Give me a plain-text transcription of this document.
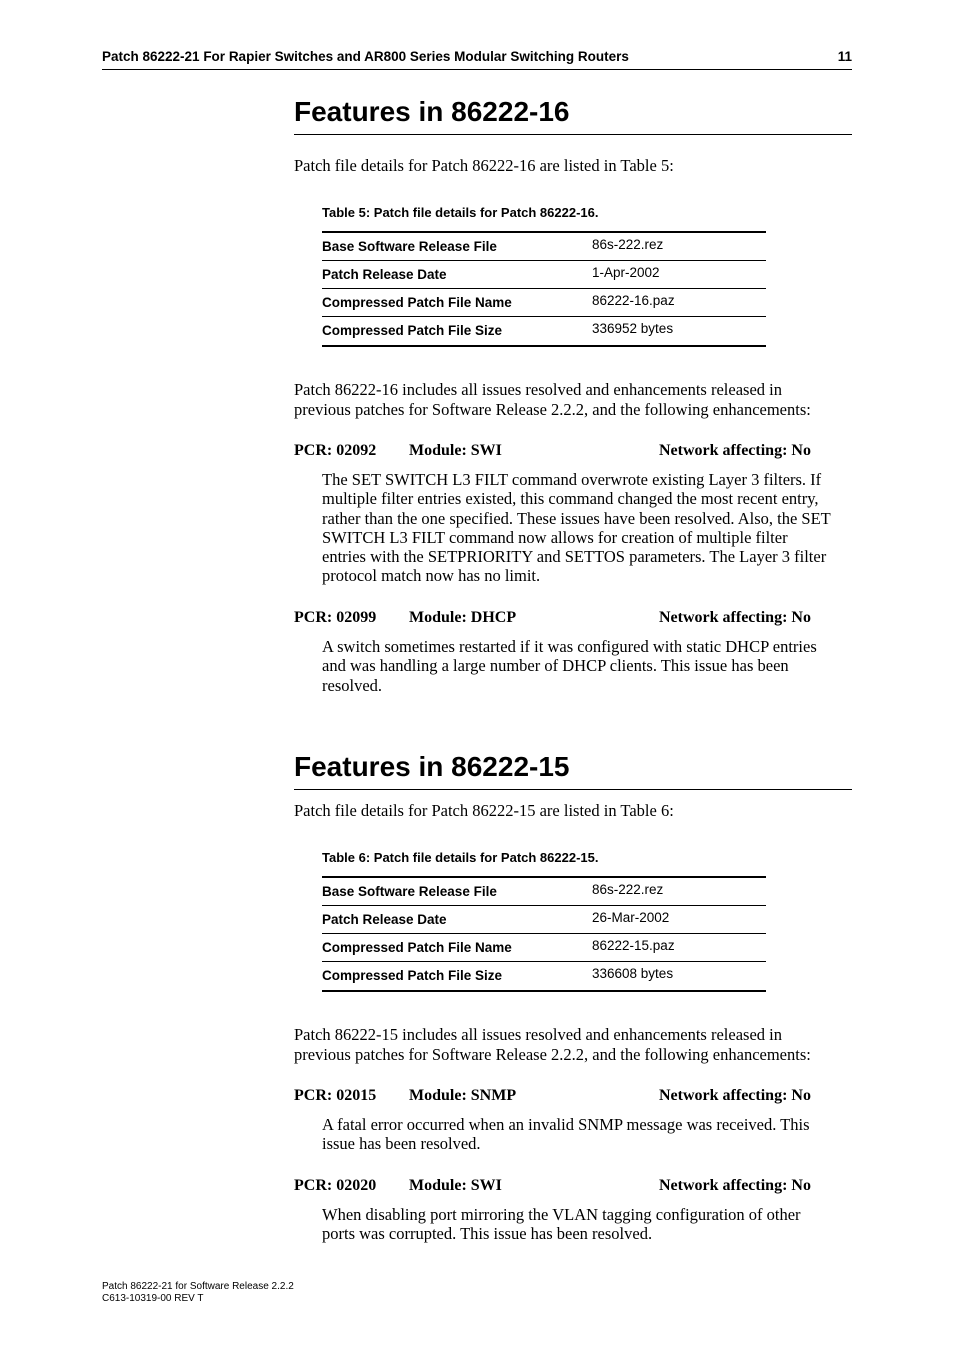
Patch 86222-21 For Rapier Switches and AR800 Series Modular Switching Routers	11
Features in 86222-16

Patch file details for Patch 86222-16 are listed in Table 5:

Table 5: Patch file details for Patch 86222-16.
Base Software Release File	86s-222.rez
Patch Release Date	1-Apr-2002
Compressed Patch File Name	86222-16.paz
Compressed Patch File Size	336952 bytes
Patch 86222-16 includes all issues resolved and enhancements released in
previous patches for Software Release 2.2.2, and the following enhancements:
PCR: 02092 Module: SWI	Network affecting: No
The SET SWITCH L3 FILT command overwrote existing Layer 3 filters. If
multiple filter entries existed, this command changed the most recent entry,
rather than the one specified. These issues have been resolved. Also, the SET
SWITCH L3 FILT command now allows for creation of multiple filter
entries with the SETPRIORITY and SETTOS parameters. The Layer 3 filter
protocol match now has no limit.
PCR: 02099 Module: DHCP	Network affecting: No
A switch sometimes restarted if it was configured with static DHCP entries
and was handling a large number of DHCP clients. This issue has been
resolved.
Features in 86222-15

Patch file details for Patch 86222-15 are listed in Table 6:

Table 6: Patch file details for Patch 86222-15.
Base Software Release File	86s-222.rez
Patch Release Date	26-Mar-2002
Compressed Patch File Name	86222-15.paz
Compressed Patch File Size	336608 bytes
Patch 86222-15 includes all issues resolved and enhancements released in
previous patches for Software Release 2.2.2, and the following enhancements:
PCR: 02015 Module: SNMP	Network affecting: No
A fatal error occurred when an invalid SNMP message was received. This
issue has been resolved.
PCR: 02020 Module: SWI	Network affecting: No
When disabling port mirroring the VLAN tagging configuration of other
ports was corrupted. This issue has been resolved.
Patch 86222-21 for Software Release 2.2.2
C613-10319-00 REV T
